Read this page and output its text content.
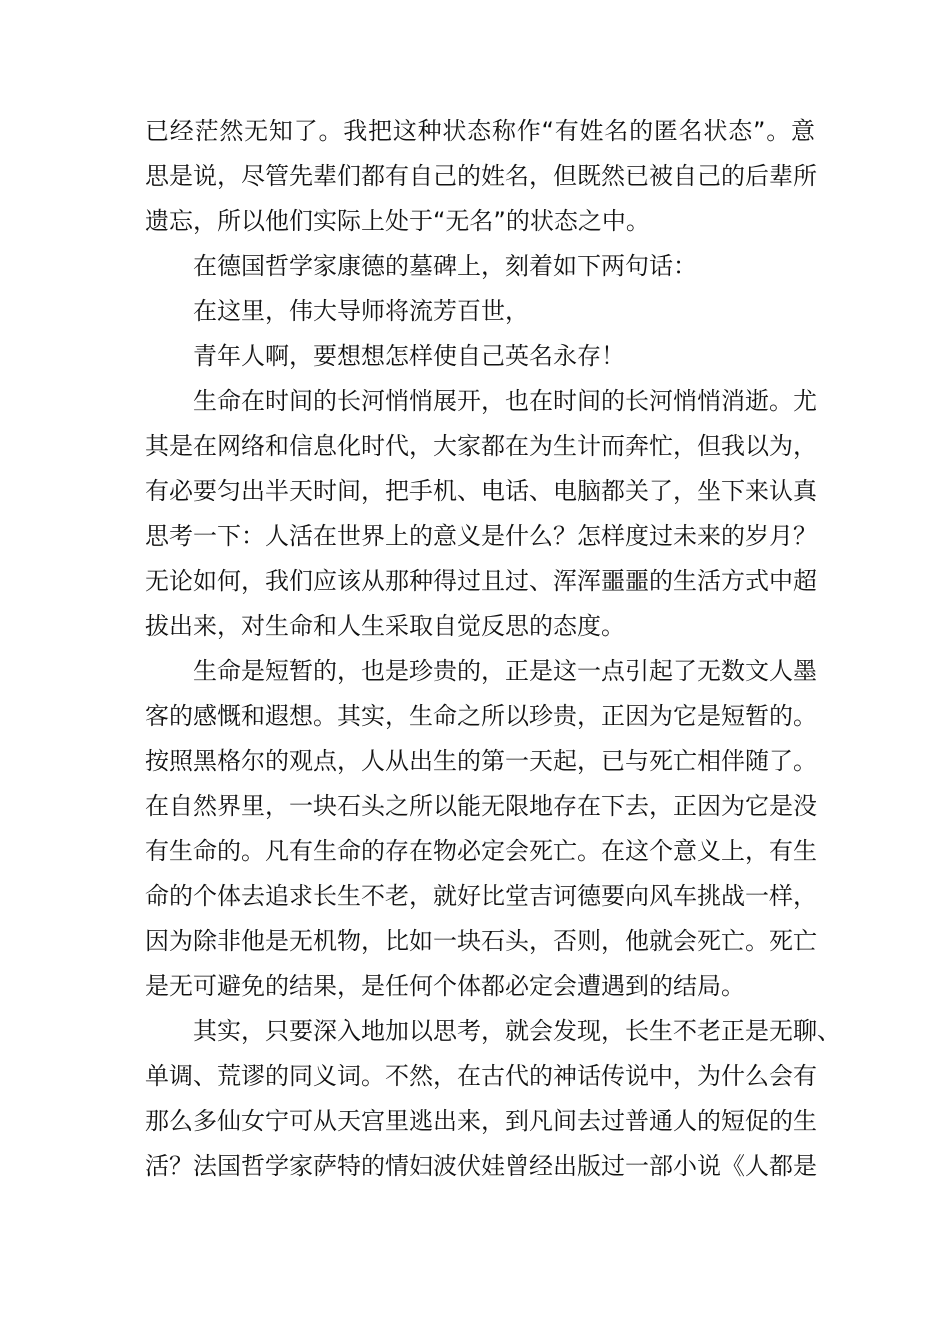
已经茫然无知了。我把这种状态称作“有姓名的匿名状态”。意

思是说，尽管先辈们都有自己的姓名，但既然已被自己的后辈所

遗忘，所以他们实际上处于“无名”的状态之中。

在德国哲学家康德的墓碑上，刻着如下两句话：

在这里，伟大导师将流芳百世，

青年人啊，要想想怎样使自己英名永存！

生命在时间的长河悄悄展开，也在时间的长河悄悄消逝。尤

其是在网络和信息化时代，大家都在为生计而奔忙，但我以为，

有必要匀出半天时间，把手机、电话、电脑都关了，坐下来认真

思考一下：人活在世界上的意义是什么？怎样度过未来的岁月？

无论如何，我们应该从那种得过且过、浑浑噩噩的生活方式中超

拔出来，对生命和人生采取自觉反思的态度。

生命是短暂的，也是珍贵的，正是这一点引起了无数文人墨

客的感慨和遐想。其实，生命之所以珍贵，正因为它是短暂的。

按照黑格尔的观点，人从出生的第一天起，已与死亡相伴随了。

在自然界里，一块石头之所以能无限地存在下去，正因为它是没

有生命的。凡有生命的存在物必定会死亡。在这个意义上，有生

命的个体去追求长生不老，就好比堂吉诃德要向风车挑战一样，

因为除非他是无机物，比如一块石头，否则，他就会死亡。死亡

是无可避免的结果，是任何个体都必定会遭遇到的结局。

其实，只要深入地加以思考，就会发现，长生不老正是无聊、

单调、荒谬的同义词。不然，在古代的神话传说中，为什么会有

那么多仙女宁可从天宫里逃出来，到凡间去过普通人的短促的生

活？法国哲学家萨特的情妇波伏娃曾经出版过一部小说《人都是
